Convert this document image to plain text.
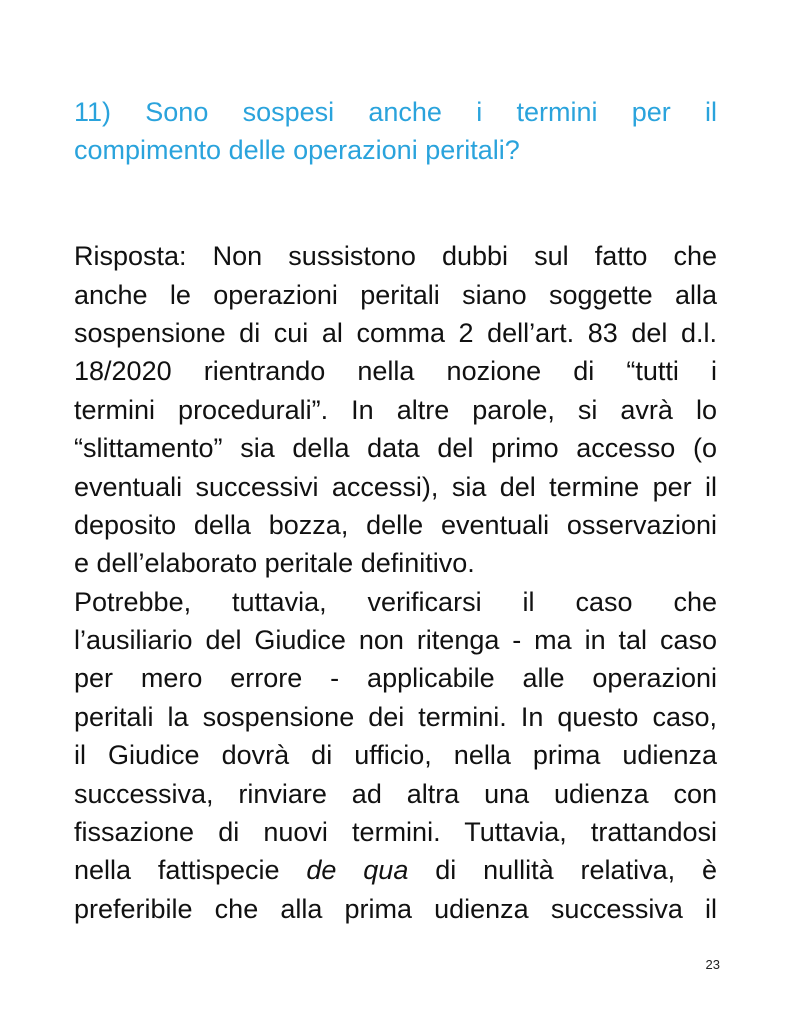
11) Sono sospesi anche i termini per il
compimento delle operazioni peritali?
Risposta: Non sussistono dubbi sul fatto che
anche le operazioni peritali siano soggette alla
sospensione di cui al comma 2 dell’art. 83 del d.l.
18/2020 rientrando nella nozione di “tutti i
termini procedurali”. In altre parole, si avrà lo
“slittamento” sia della data del primo accesso (o
eventuali successivi accessi), sia del termine per il
deposito della bozza, delle eventuali osservazioni
e dell’elaborato peritale definitivo.
Potrebbe, tuttavia, verificarsi il caso che
l’ausiliario del Giudice non ritenga - ma in tal caso
per mero errore - applicabile alle operazioni
peritali la sospensione dei termini. In questo caso,
il Giudice dovrà di ufficio, nella prima udienza
successiva, rinviare ad altra una udienza con
fissazione di nuovi termini. Tuttavia, trattandosi
nella fattispecie de qua di nullità relativa, è
preferibile che alla prima udienza successiva il
23
